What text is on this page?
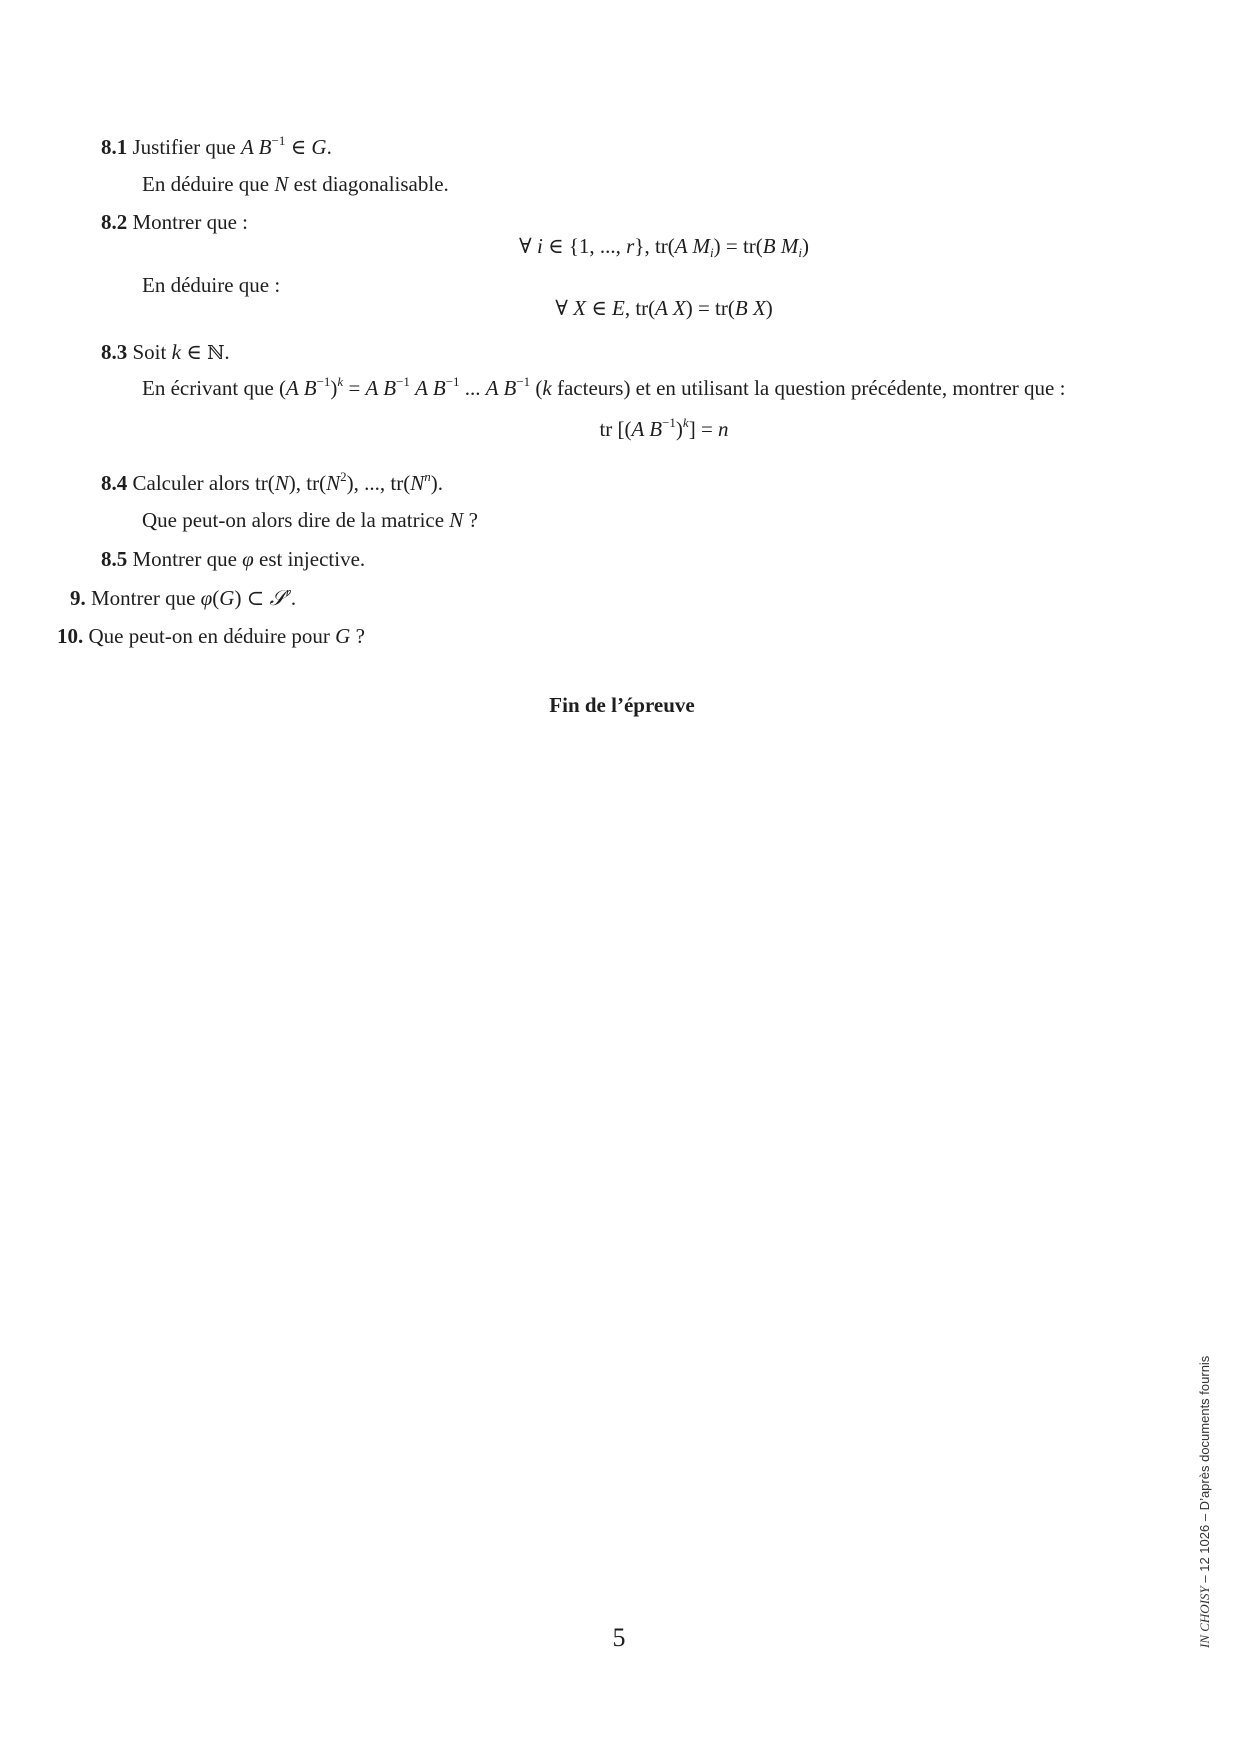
8.1 Justifier que A $B^{-1}$ ∈ G.
En déduire que N est diagonalisable.
8.2 Montrer que :
∀ i ∈ {1, ..., r}, tr(A $M_i) = tr(B$ $M_i$)
En déduire que :
∀ X ∈ E, tr(A X) = tr(B X)
8.3 Soit k ∈ ℕ.
En écrivant que (A $B^{-1})^k = A$ $B^{-1}$ A $B^{-1}$ ... A $B^{-1}$ (k facteurs) et en utilisant la question précédente, montrer que :
tr [(A $B^{-1})^k] = n$
8.4 Calculer alors tr(N), $tr(N^2)$, ..., $tr(N^n)$.
Que peut-on alors dire de la matrice N ?
8.5 Montrer que φ est injective.
9. Montrer que φ(G) ⊂ 𝒮$^r$.
10. Que peut-on en déduire pour G ?
Fin de l’épreuve
5	IN CHOISY – 12 1026 – D’après documents fournis
